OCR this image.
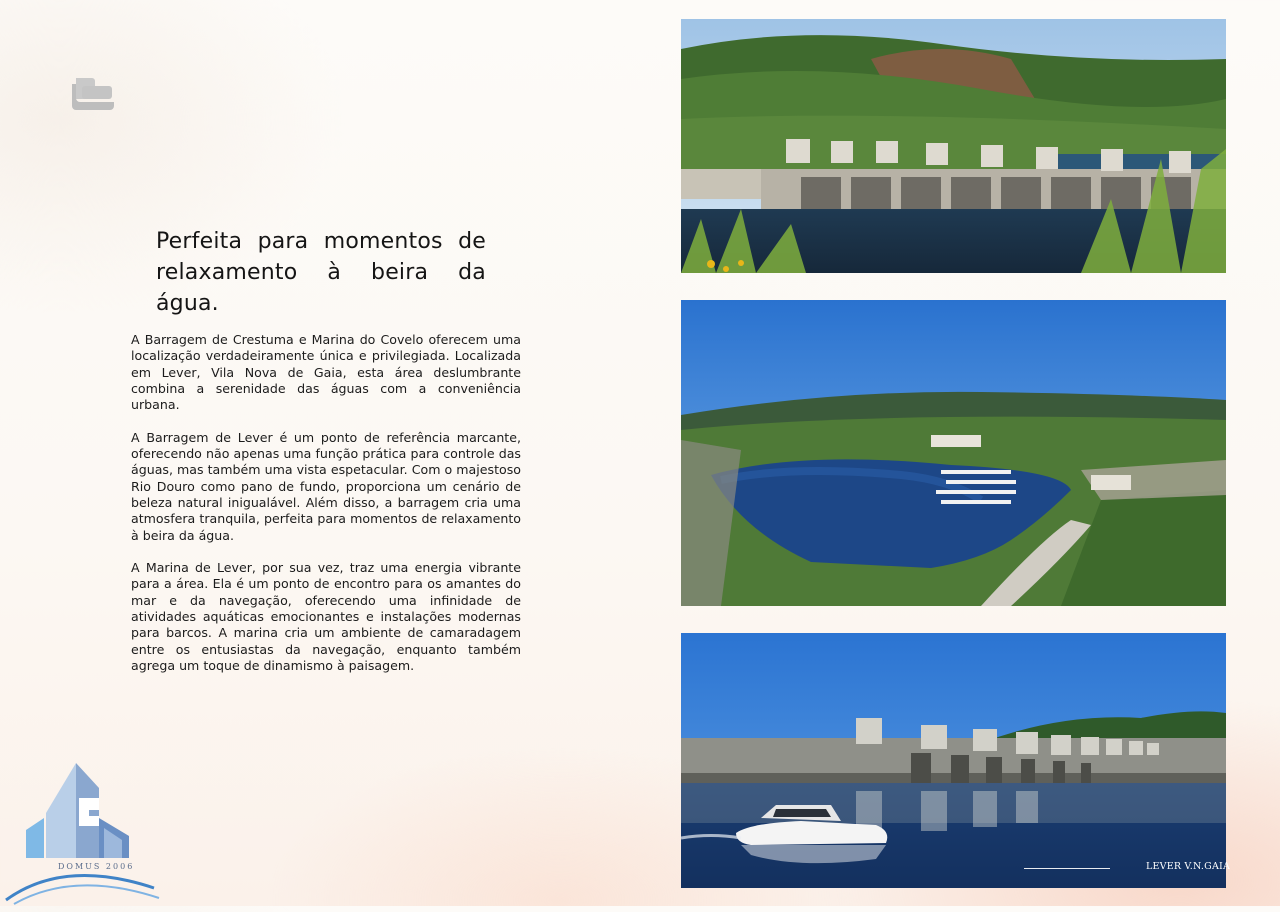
Perfeita para momentos de relaxamento à beira da água.

A Barragem de Crestuma e Marina do Covelo oferecem uma localização verdadeiramente única e privilegiada. Localizada em Lever, Vila Nova de Gaia, esta área deslumbrante combina a serenidade das águas com a conveniência urbana.

A Barragem de Lever é um ponto de referência marcante, oferecendo não apenas uma função prática para controle das águas, mas também uma vista espetacular. Com o majestoso Rio Douro como pano de fundo, proporciona um cenário de beleza natural inigualável. Além disso, a barragem cria uma atmosfera tranquila, perfeita para momentos de relaxamento à beira da água.

A Marina de Lever, por sua vez, traz uma energia vibrante para a área. Ela é um ponto de encontro para os amantes do mar e da navegação, oferecendo uma infinidade de atividades aquáticas emocionantes e instalações modernas para barcos. A marina cria um ambiente de camaradagem entre os entusiastas da navegação, enquanto também agrega um toque de dinamismo à paisagem.

LEVER V.N.GAIA
DOMUS 2006
